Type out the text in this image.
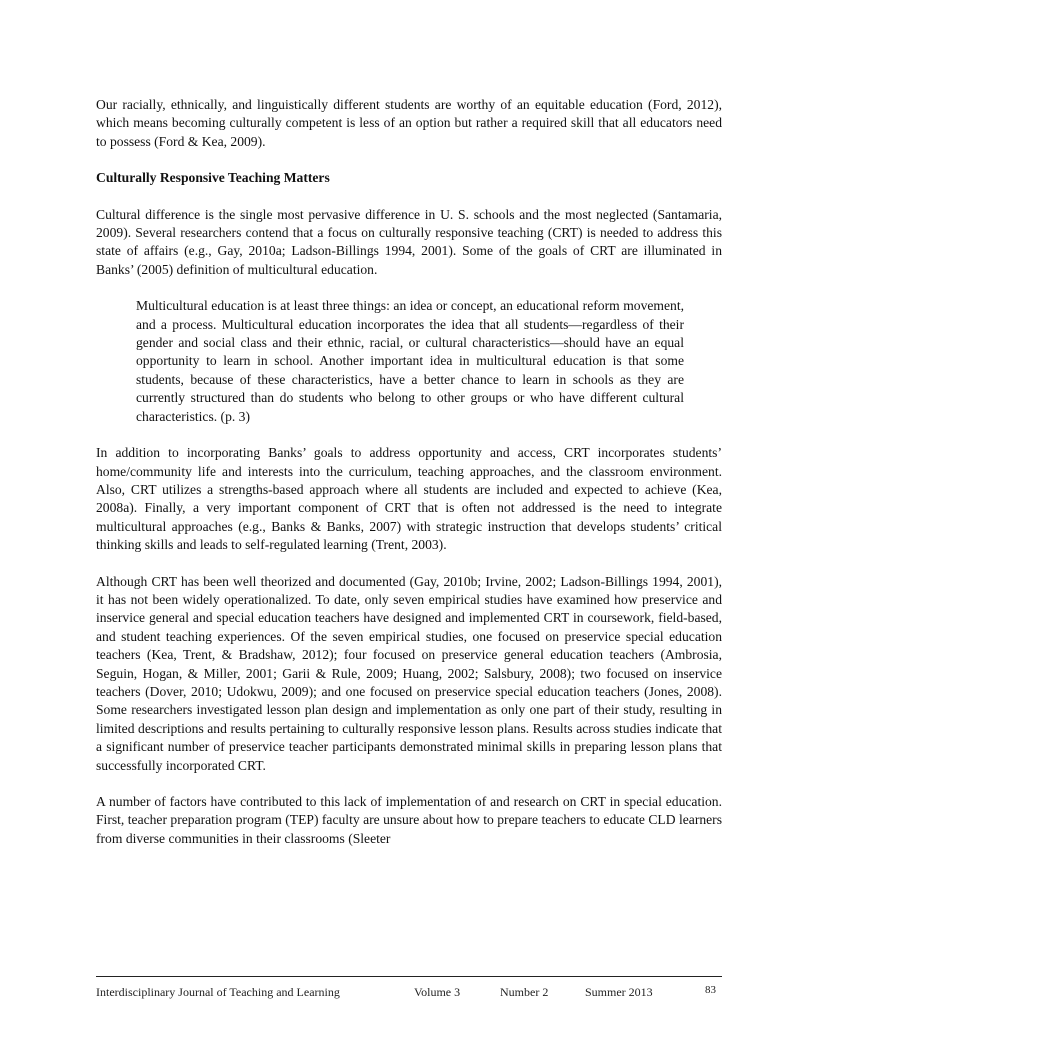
Our racially, ethnically, and linguistically different students are worthy of an equitable education (Ford, 2012), which means becoming culturally competent is less of an option but rather a required skill that all educators need to possess (Ford & Kea, 2009).

Culturally Responsive Teaching Matters

Cultural difference is the single most pervasive difference in U. S. schools and the most neglected (Santamaria, 2009). Several researchers contend that a focus on culturally responsive teaching (CRT) is needed to address this state of affairs (e.g., Gay, 2010a; Ladson-Billings 1994, 2001). Some of the goals of CRT are illuminated in Banks’ (2005) definition of multicultural education.

Multicultural education is at least three things: an idea or concept, an educational reform movement, and a process. Multicultural education incorporates the idea that all students—regardless of their gender and social class and their ethnic, racial, or cultural characteristics—should have an equal opportunity to learn in school. Another important idea in multicultural education is that some students, because of these characteristics, have a better chance to learn in schools as they are currently structured than do students who belong to other groups or who have different cultural characteristics. (p. 3)

In addition to incorporating Banks’ goals to address opportunity and access, CRT incorporates students’ home/community life and interests into the curriculum, teaching approaches, and the classroom environment. Also, CRT utilizes a strengths-based approach where all students are included and expected to achieve (Kea, 2008a). Finally, a very important component of CRT that is often not addressed is the need to integrate multicultural approaches (e.g., Banks & Banks, 2007) with strategic instruction that develops students’ critical thinking skills and leads to self-regulated learning (Trent, 2003).

Although CRT has been well theorized and documented (Gay, 2010b; Irvine, 2002; Ladson-Billings 1994, 2001), it has not been widely operationalized. To date, only seven empirical studies have examined how preservice and inservice general and special education teachers have designed and implemented CRT in coursework, field-based, and student teaching experiences. Of the seven empirical studies, one focused on preservice special education teachers (Kea, Trent, & Bradshaw, 2012); four focused on preservice general education teachers (Ambrosia, Seguin, Hogan, & Miller, 2001; Garii & Rule, 2009; Huang, 2002; Salsbury, 2008); two focused on inservice teachers (Dover, 2010; Udokwu, 2009); and one focused on preservice special education teachers (Jones, 2008). Some researchers investigated lesson plan design and implementation as only one part of their study, resulting in limited descriptions and results pertaining to culturally responsive lesson plans. Results across studies indicate that a significant number of preservice teacher participants demonstrated minimal skills in preparing lesson plans that successfully incorporated CRT.

A number of factors have contributed to this lack of implementation of and research on CRT in special education. First, teacher preparation program (TEP) faculty are unsure about how to prepare teachers to educate CLD learners from diverse communities in their classrooms (Sleeter

Interdisciplinary Journal of Teaching and Learning	Volume 3	Number 2	Summer 2013	83
